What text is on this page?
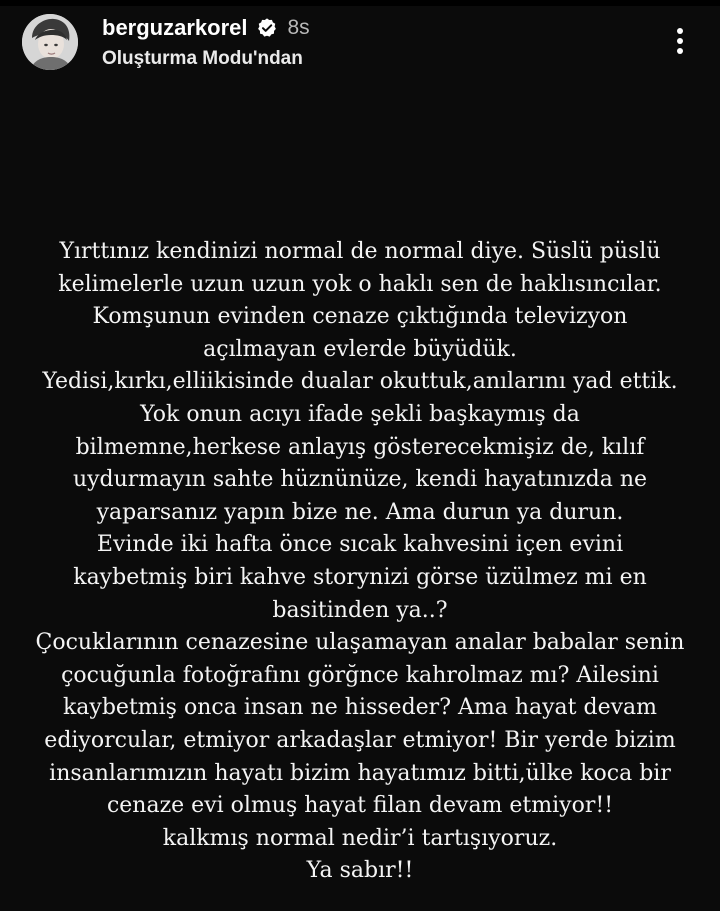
berguzarkorel 8s
Oluşturma Modu'ndan
Yırttınız kendinizi normal de normal diye. Süslü püslü
kelimelerle uzun uzun yok o haklı sen de haklısıncılar.
Komşunun evinden cenaze çıktığında televizyon
açılmayan evlerde büyüdük.
Yedisi,kırkı,elliikisinde dualar okuttuk,anılarını yad ettik.
Yok onun acıyı ifade şekli başkaymış da
bilmemne,herkese anlayış gösterecekmişiz de, kılıf
uydurmayın sahte hüznünüze, kendi hayatınızda ne
yaparsanız yapın bize ne. Ama durun ya durun.
Evinde iki hafta önce sıcak kahvesini içen evini
kaybetmiş biri kahve storynizi görse üzülmez mi en
basitinden ya..?
Çocuklarının cenazesine ulaşamayan analar babalar senin
çocuğunla fotoğrafını görğnce kahrolmaz mı? Ailesini
kaybetmiş onca insan ne hisseder? Ama hayat devam
ediyorcular, etmiyor arkadaşlar etmiyor! Bir yerde bizim
insanlarımızın hayatı bizim hayatımız bitti,ülke koca bir
cenaze evi olmuş hayat filan devam etmiyor!!
kalkmış normal nedir’i tartışıyoruz.
Ya sabır!!
